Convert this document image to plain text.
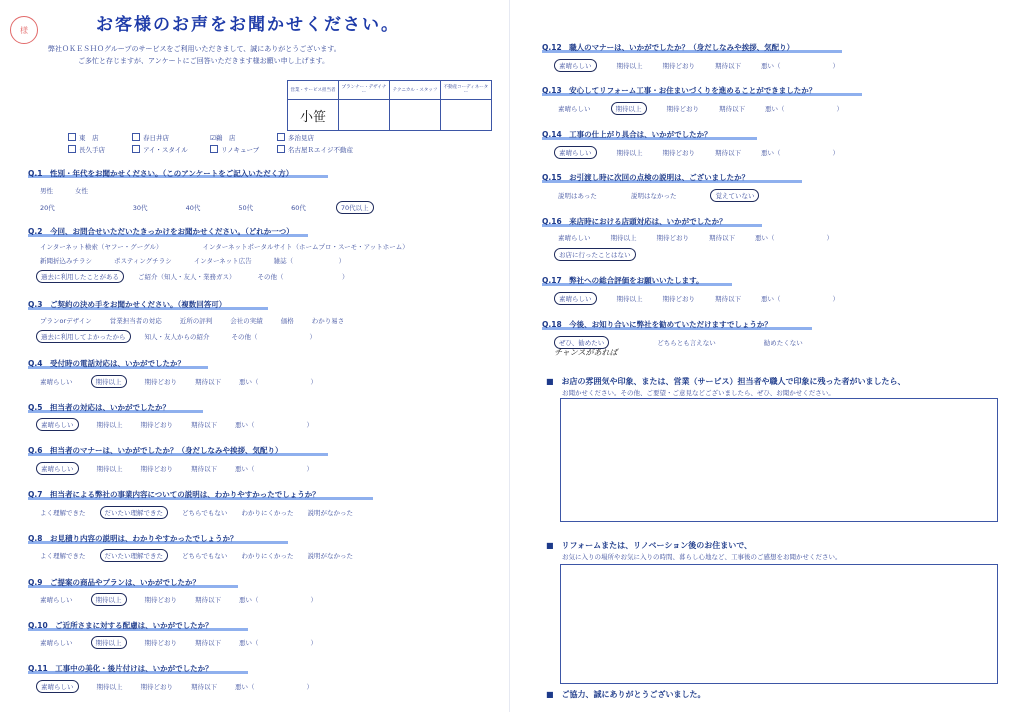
様	お客様のお声をお聞かせください。
弊社ＯＫＥＳＨＯグループのサービスをご利用いただきまして、誠にありがとうございます。
ご多忙と存じますが、アンケートにご回答いただきます様お願い申し上げます。
営業・サービス担当者	プランナー・デザイナー	テクニカル・スタッフ	不動産コーディネーター
小笹			
東　店	春日井店	☑鵜　店	多治見店
長久手店	アイ・スタイル	リノキューブ	名古屋Ｒエイジ不動産
Q.1　性別・年代をお聞かせください。（このアンケートをご記入いただく方）
男性	女性
20代	30代	40代	50代	60代	70代以上
Q.2　今回、お問合せいただいたきっかけをお聞かせください。（どれか一つ）
インターネット検索（ヤフー・グーグル）	インターネットポータルサイト（ホームプロ・スーモ・アットホーム）
新聞折込みチラシ	ポスティングチラシ	インターネット広告	雑誌（　　　　　　　）
過去に利用したことがある	ご紹介（知人・友人・業務ガス）	その他（　　　　　　　　　）
Q.3　ご契約の決め手をお聞かせください。（複数回答可）
プランorデザイン	営業担当者の対応	近所の評判	会社の実績	価格	わかり易さ
過去に利用してよかったから	知人・友人からの紹介	その他（　　　　　　　　）
Q.4　受付時の電話対応は、いかがでしたか？
素晴らしい	期待以上	期待どおり	期待以下	悪い（　　　　　　　　）
Q.5　担当者の対応は、いかがでしたか？
素晴らしい	期待以上	期待どおり	期待以下	悪い（　　　　　　　　）
Q.6　担当者のマナーは、いかがでしたか？（身だしなみや挨拶、気配り）
素晴らしい	期待以上	期待どおり	期待以下	悪い（　　　　　　　　）
Q.7　担当者による弊社の事業内容についての説明は、わかりやすかったでしょうか？
よく理解できた	だいたい理解できた	どちらでもない わかりにくかった 説明がなかった
Q.8　お見積り内容の説明は、わかりやすかったでしょうか？
よく理解できた	だいたい理解できた	どちらでもない わかりにくかった 説明がなかった
Q.9　ご提案の商品やプランは、いかがでしたか？
素晴らしい	期待以上	期待どおり	期待以下	悪い（　　　　　　　　）
Q.10　ご近所さまに対する配慮は、いかがでしたか？
素晴らしい	期待以上	期待どおり	期待以下	悪い（　　　　　　　　）
Q.11　工事中の美化・後片付けは、いかがでしたか？
素晴らしい	期待以上	期待どおり	期待以下	悪い（　　　　　　　　）
Q.12　職人のマナーは、いかがでしたか？（身だしなみや挨拶、気配り）
素晴らしい	期待以上	期待どおり	期待以下	悪い（　　　　　　　　）
Q.13　安心してリフォーム工事・お住まいづくりを進めることができましたか？
素晴らしい	期待以上	期待どおり	期待以下	悪い（　　　　　　　　）
Q.14　工事の仕上がり具合は、いかがでしたか？
素晴らしい	期待以上	期待どおり	期待以下	悪い（　　　　　　　　）
Q.15　お引渡し時に次回の点検の説明は、ございましたか？
説明はあった	説明はなかった	覚えていない
Q.16　来店時における店頭対応は、いかがでしたか？
素晴らしい	期待以上	期待どおり	期待以下	悪い（　　　　　　　　）
お店に行ったことはない
Q.17　弊社への総合評価をお願いいたします。
素晴らしい	期待以上	期待どおり	期待以下	悪い（　　　　　　　　）
Q.18　今後、お知り合いに弊社を勧めていただけますでしょうか？
ぜひ、勧めたい	どちらとも言えない	勧めたくない
チャンスがあれば
■　お店の雰囲気や印象、または、営業（サービス）担当者や職人で印象に残った者がいましたら、
お聞かせください。その他、ご要望・ご意見などございましたら、ぜひ、お聞かせください。
■　リフォームまたは、リノベーション後のお住まいで、
お気に入りの場所やお気に入りの時間、暮らし心地など、工事後のご感想をお聞かせください。
■　ご協力、誠にありがとうございました。
